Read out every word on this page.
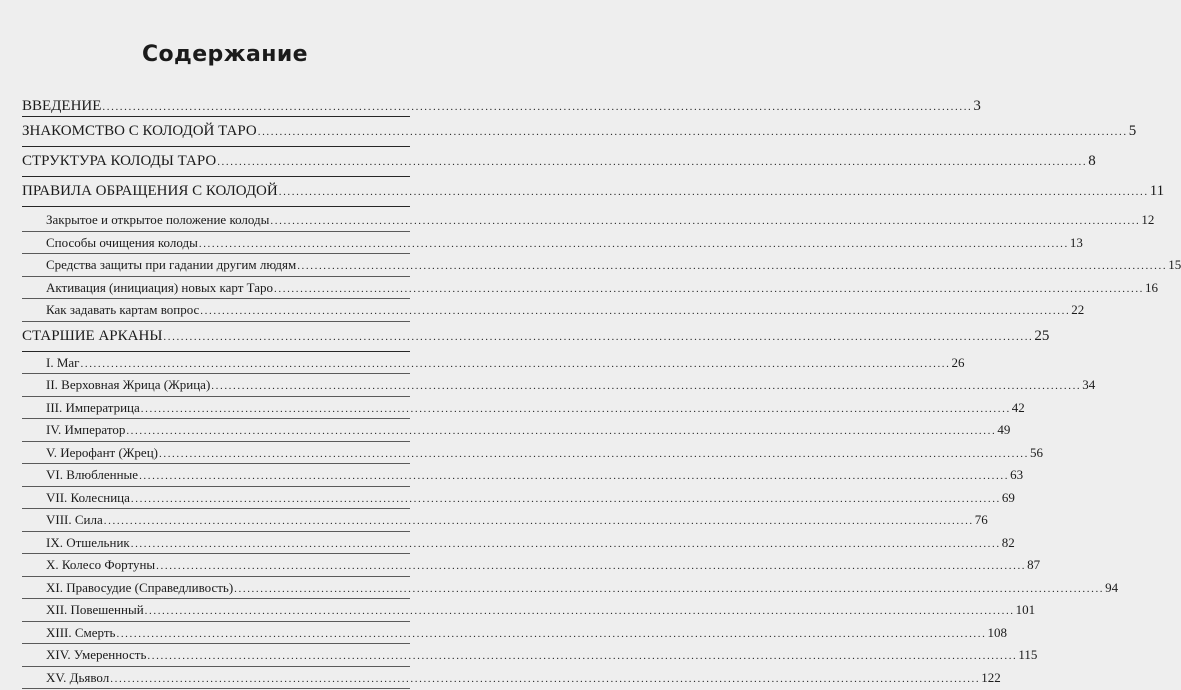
Содержание
ВВЕДЕНИЕ ........................................................................................................................................................................................................ 3
ЗНАКОМСТВО С КОЛОДОЙ ТАРО ........................................................................................................................................................................................................ 5
СТРУКТУРА КОЛОДЫ ТАРО ........................................................................................................................................................................................................ 8
ПРАВИЛА ОБРАЩЕНИЯ С КОЛОДОЙ ........................................................................................................................................................................................................ 11
Закрытое и открытое положение колоды ........................................................................................................................................................................................................ 12
Способы очищения колоды ........................................................................................................................................................................................................ 13
Средства защиты при гадании другим людям ........................................................................................................................................................................................................ 15
Активация (инициация) новых карт Таро ........................................................................................................................................................................................................ 16
Как задавать картам вопрос ........................................................................................................................................................................................................ 22
СТАРШИЕ АРКАНЫ ........................................................................................................................................................................................................ 25
I. Маг ........................................................................................................................................................................................................ 26
II. Верховная Жрица (Жрица) ........................................................................................................................................................................................................ 34
III. Императрица ........................................................................................................................................................................................................ 42
IV. Император ........................................................................................................................................................................................................ 49
V. Иерофант (Жрец) ........................................................................................................................................................................................................ 56
VI. Влюбленные ........................................................................................................................................................................................................ 63
VII. Колесница ........................................................................................................................................................................................................ 69
VIII. Сила ........................................................................................................................................................................................................ 76
IX. Отшельник ........................................................................................................................................................................................................ 82
X. Колесо Фортуны ........................................................................................................................................................................................................ 87
XI. Правосудие (Справедливость) ........................................................................................................................................................................................................ 94
XII. Повешенный ........................................................................................................................................................................................................ 101
XIII. Смерть ........................................................................................................................................................................................................ 108
XIV. Умеренность ........................................................................................................................................................................................................ 115
XV. Дьявол ........................................................................................................................................................................................................ 122
